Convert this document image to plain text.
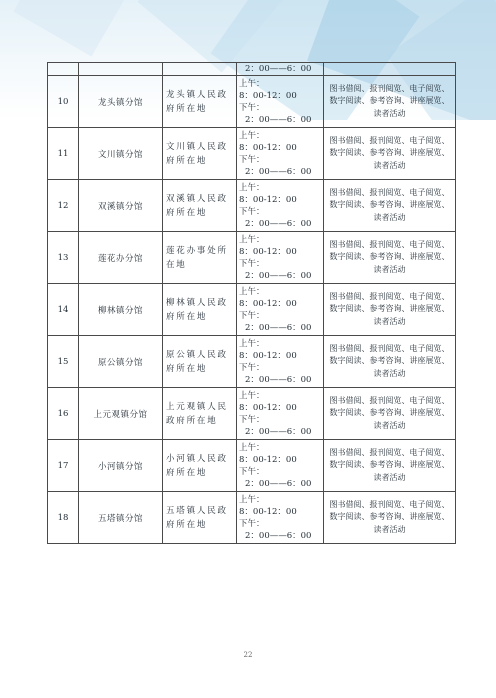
			2：00——6：00	

10	龙头镇分馆	龙头镇人民政府所在地	上午：
8：00-12：00
下午：
2：00——6：00	图书借阅、报刊阅览、电子阅览、数字阅读、参考咨询、讲座展览、读者活动
11	文川镇分馆	文川镇人民政府所在地	上午：
8：00-12：00
下午：
2：00——6：00	图书借阅、报刊阅览、电子阅览、数字阅读、参考咨询、讲座展览、读者活动
12	双溪镇分馆	双溪镇人民政府所在地	上午：
8：00-12：00
下午：
2：00——6：00	图书借阅、报刊阅览、电子阅览、数字阅读、参考咨询、讲座展览、读者活动
13	莲花办分馆	莲花办事处所在地	上午：
8：00-12：00
下午：
2：00——6：00	图书借阅、报刊阅览、电子阅览、数字阅读、参考咨询、讲座展览、读者活动
14	柳林镇分馆	柳林镇人民政府所在地	上午：
8：00-12：00
下午：
2：00——6：00	图书借阅、报刊阅览、电子阅览、数字阅读、参考咨询、讲座展览、读者活动
15	原公镇分馆	原公镇人民政府所在地	上午：
8：00-12：00
下午：
2：00——6：00	图书借阅、报刊阅览、电子阅览、数字阅读、参考咨询、讲座展览、读者活动
16	上元观镇分馆	上元观镇人民政府所在地	上午：
8：00-12：00
下午：
2：00——6：00	图书借阅、报刊阅览、电子阅览、数字阅读、参考咨询、讲座展览、读者活动
17	小河镇分馆	小河镇人民政府所在地	上午：
8：00-12：00
下午：
2：00——6：00	图书借阅、报刊阅览、电子阅览、数字阅读、参考咨询、讲座展览、读者活动
18	五塔镇分馆	五塔镇人民政府所在地	上午：
8：00-12：00
下午：
2：00——6：00	图书借阅、报刊阅览、电子阅览、数字阅读、参考咨询、讲座展览、读者活动
22
